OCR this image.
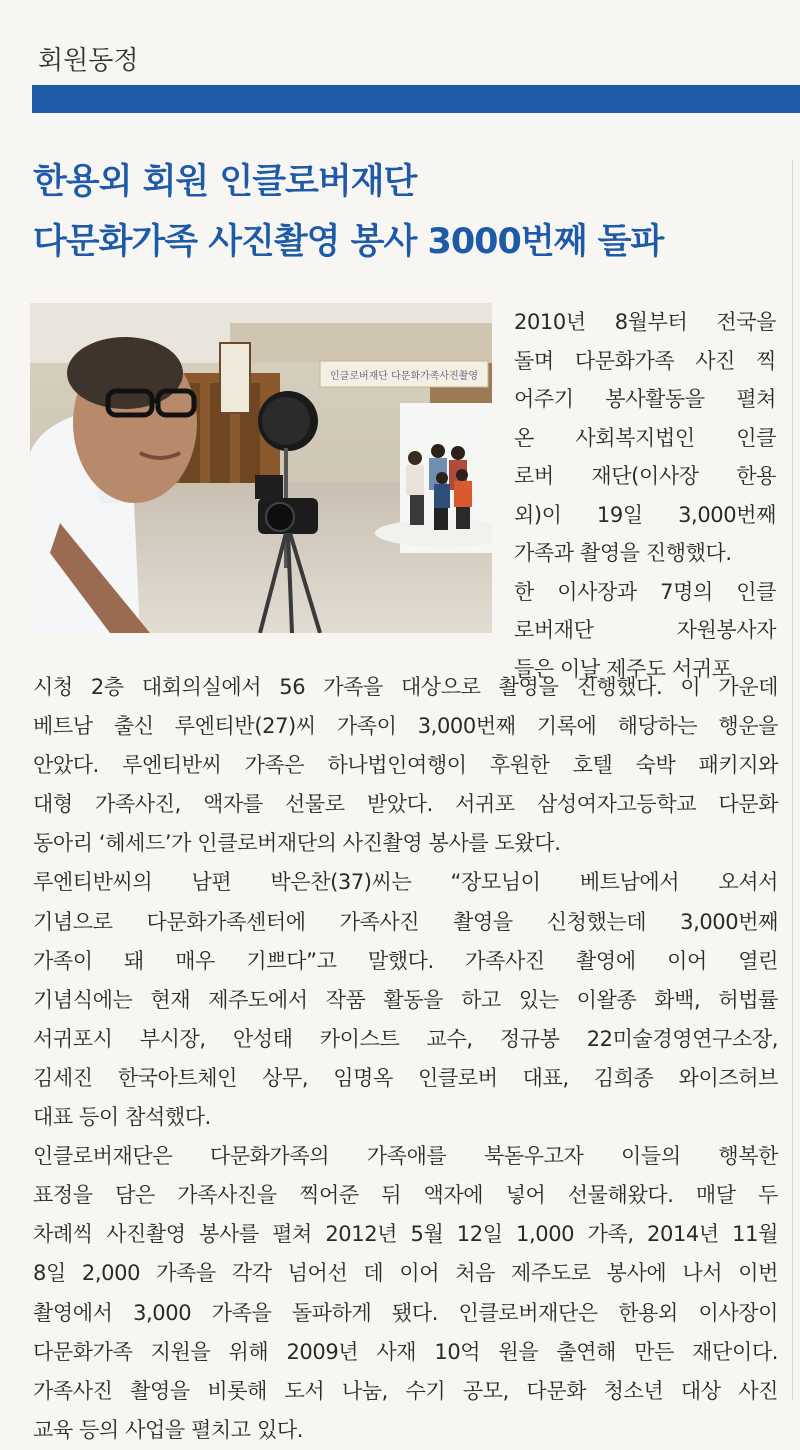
회원동정
한용외 회원 인클로버재단
다문화가족 사진촬영 봉사 3000번째 돌파
인클로버재단 다문화가족사진촬영
2010년 8월부터 전국을
돌며 다문화가족 사진 찍
어주기 봉사활동을 펼쳐
온 사회복지법인 인클
로버 재단(이사장 한용
외)이 19일 3,000번째
가족과 촬영을 진행했다.
한 이사장과 7명의 인클
로버재단 자원봉사자
들은 이날 제주도 서귀포
시청 2층 대회의실에서 56 가족을 대상으로 촬영을 진행했다. 이 가운데
베트남 출신 루엔티반(27)씨 가족이 3,000번째 기록에 해당하는 행운을
안았다. 루엔티반씨 가족은 하나법인여행이 후원한 호텔 숙박 패키지와
대형 가족사진, 액자를 선물로 받았다. 서귀포 삼성여자고등학교 다문화
동아리 ‘헤세드’가 인클로버재단의 사진촬영 봉사를 도왔다.
루엔티반씨의 남편 박은찬(37)씨는 “장모님이 베트남에서 오셔서
기념으로 다문화가족센터에 가족사진 촬영을 신청했는데 3,000번째
가족이 돼 매우 기쁘다”고 말했다. 가족사진 촬영에 이어 열린
기념식에는 현재 제주도에서 작품 활동을 하고 있는 이왈종 화백, 허법률
서귀포시 부시장, 안성태 카이스트 교수, 정규봉 22미술경영연구소장,
김세진 한국아트체인 상무, 임명옥 인클로버 대표, 김희종 와이즈허브
대표 등이 참석했다.
인클로버재단은 다문화가족의 가족애를 북돋우고자 이들의 행복한
표정을 담은 가족사진을 찍어준 뒤 액자에 넣어 선물해왔다. 매달 두
차례씩 사진촬영 봉사를 펼쳐 2012년 5월 12일 1,000 가족, 2014년 11월
8일 2,000 가족을 각각 넘어선 데 이어 처음 제주도로 봉사에 나서 이번
촬영에서 3,000 가족을 돌파하게 됐다. 인클로버재단은 한용외 이사장이
다문화가족 지원을 위해 2009년 사재 10억 원을 출연해 만든 재단이다.
가족사진 촬영을 비롯해 도서 나눔, 수기 공모, 다문화 청소년 대상 사진
교육 등의 사업을 펼치고 있다.
